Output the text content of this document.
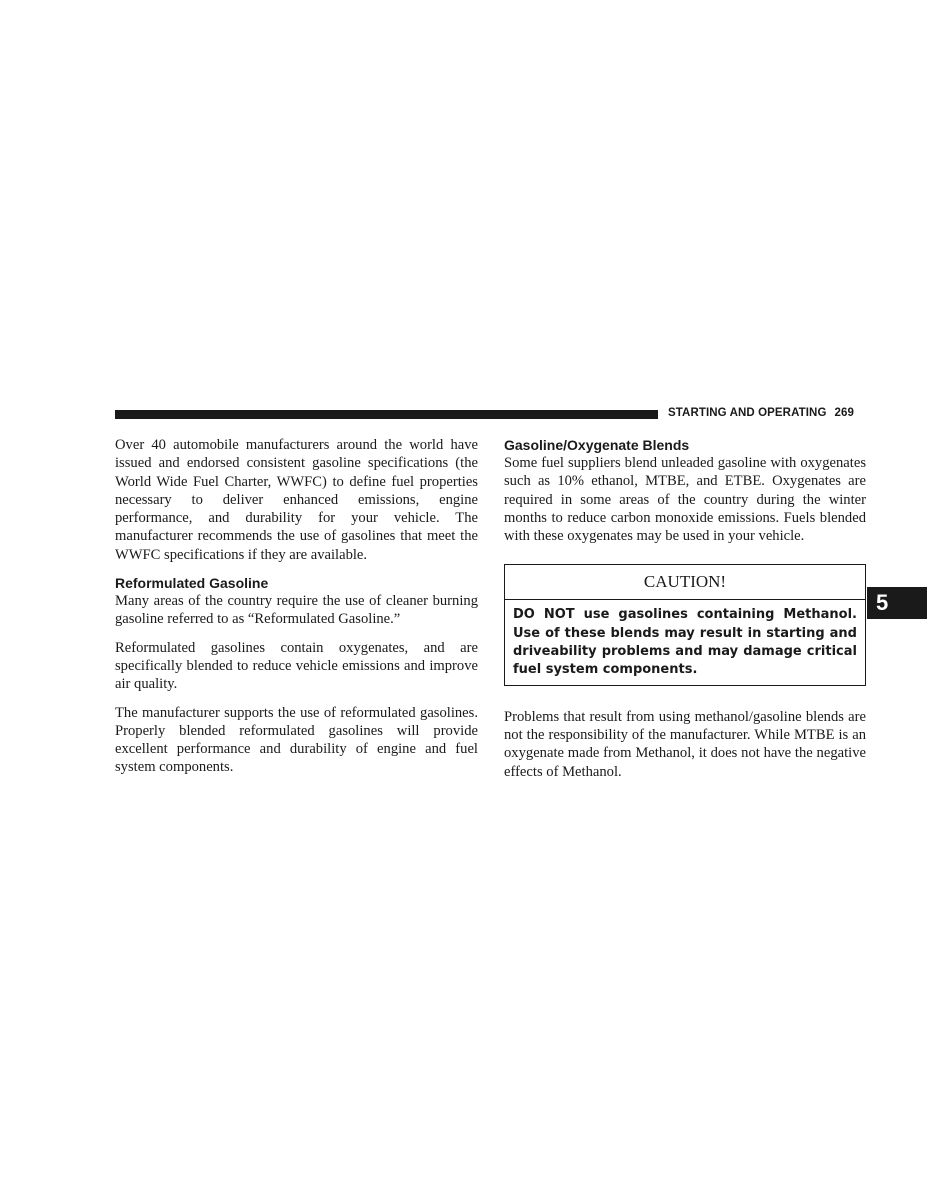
STARTING AND OPERATING 269

Over 40 automobile manufacturers around the world have issued and endorsed consistent gasoline specifications (the World Wide Fuel Charter, WWFC) to define fuel properties necessary to deliver enhanced emissions, engine performance, and durability for your vehicle. The manufacturer recommends the use of gasolines that meet the WWFC specifications if they are available.

Reformulated Gasoline

Many areas of the country require the use of cleaner burning gasoline referred to as “Reformulated Gasoline.”

Reformulated gasolines contain oxygenates, and are specifically blended to reduce vehicle emissions and improve air quality.

The manufacturer supports the use of reformulated gasolines. Properly blended reformulated gasolines will provide excellent performance and durability of engine and fuel system components.

Gasoline/Oxygenate Blends

Some fuel suppliers blend unleaded gasoline with oxygenates such as 10% ethanol, MTBE, and ETBE. Oxygenates are required in some areas of the country during the winter months to reduce carbon monoxide emissions. Fuels blended with these oxygenates may be used in your vehicle.

CAUTION!
DO NOT use gasolines containing Methanol. Use of these blends may result in starting and driveability problems and may damage critical fuel system components.

Problems that result from using methanol/gasoline blends are not the responsibility of the manufacturer. While MTBE is an oxygenate made from Methanol, it does not have the negative effects of Methanol.

5
